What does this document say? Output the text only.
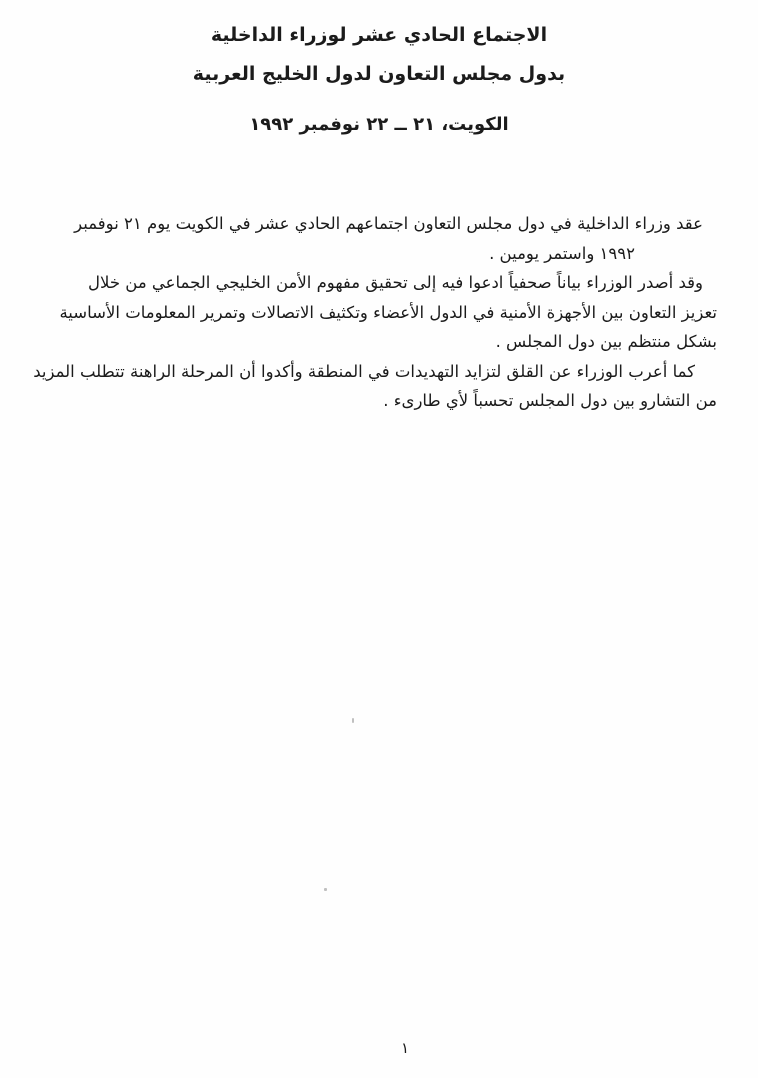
الاجتماع الحادي عشر لوزراء الداخلية
بدول مجلس التعاون لدول الخليج العربية
الكويت، ٢١ ــ ٢٢ نوفمبر ١٩٩٢
عقد وزراء الداخلية في دول مجلس التعاون اجتماعهم الحادي عشر في الكويت يوم ٢١ نوفمبر
١٩٩٢ واستمر يومين .
وقد أصدر الوزراء بياناً صحفياً ادعوا فيه إلى تحقيق مفهوم الأمن الخليجي الجماعي من خلال
تعزيز التعاون بين الأجهزة الأمنية في الدول الأعضاء وتكثيف الاتصالات وتمرير المعلومات الأساسية
بشكل منتظم بين دول المجلس .
كما أعرب الوزراء عن القلق لتزايد التهديدات في المنطقة وأكدوا أن المرحلة الراهنة تتطلب المزيد
من التشارو بين دول المجلس تحسباً لأي طارىء .
١
